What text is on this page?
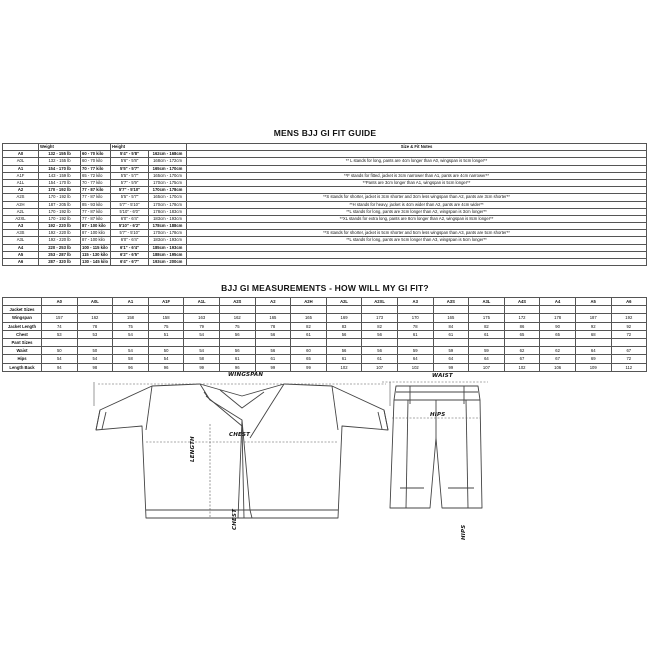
MENS BJJ GI FIT GUIDE
	Weight		Height		Size & Fit Notes
A0	132 - 155 lb	60 - 70 kilo	5'4" - 5'8"	162cm - 168cm	
A0L	132 - 155 lb	60 - 70 kilo	5'6" - 5'8"	168cm - 172cm	** L stands for long, pants are 4cm longer than A0, wingspan is 5cm longer**
A1	154 - 170 lb	70 - 77 kilo	5'5" - 5'7"	165cm - 170cm	
A1F	143 - 159 lb	65 - 72 kilo	5'5" - 5'7"	165cm - 170cm	**F stands for fitted, jacket is 3cm narrower than A1, pants are 4cm narrower**
A1L	154 - 170 lb	70 - 77 kilo	5'7" - 5'9"	170cm - 175cm	**Pants are 3cm longer than A1, wingspan is 5cm longer**
A2	170 - 192 lb	77 - 87 kilo	5'7" - 5'10"	170cm - 178cm	
A2S	170 - 192 lb	77 - 87 kilo	5'5" - 5'7"	165cm - 170cm	**S stands for shorter, jacket is 3cm shorter and 3cm less wingspan than A2, pants are 3cm shorter**
A2H	187 - 205 lb	85 - 93 kilo	5'7" - 5'10"	170cm - 178cm	**H stands for heavy, jacket is 4cm wider than A2, pants are 4cm wider**
A2L	170 - 192 lb	77 - 87 kilo	5'10" - 6'0"	178cm - 183cm	**L stands for long, pants are 3cm longer than A2, wingspan is 3cm longer**
A2XL	170 - 192 lb	77 - 87 kilo	6'0" - 6'4"	183cm - 193cm	**XL stands for extra long, pants are 8cm longer than A2, wingspan is 8cm longer**
A3	192 - 220 lb	87 - 100 kilo	5'10" - 6'2"	178cm - 188cm	
A3S	192 - 220 lb	87 - 100 kilo	5'7" - 5'10"	170cm - 178cm	**S stands for shorter, jacket is 5cm shorter and 5cm less wingspan than A3, pants are 5cm shorter**
A3L	192 - 220 lb	87 - 100 kilo	6'0" - 6'4"	183cm - 193cm	**L stands for long, pants are 5cm longer than A3, wingspan is 5cm longer**
A4	220 - 253 lb	100 - 115 kilo	6'1" - 6'4"	185cm - 193cm	
A5	253 - 287 lb	115 - 130 kilo	6'2" - 6'5"	188cm - 195cm	
A6	287 - 320 lb	130 - 145 kilo	6'4" - 6'7"	193cm - 200cm	
BJJ GI MEASUREMENTS - HOW WILL MY GI FIT?
	A0	A0L	A1	A1F	A1L	A2S	A2	A2H	A2L	A2XL	A3	A3S	A3L	A4S	A4	A5	A6
Jacket Sizes																	
Wingspan	157	162	158	158	163	162	165	165	169	173	170	165	175	172	178	187	192
Jacket Length	74	78	75	75	79	75	78	82	83	82	78	84	82	86	90	92	92
Chest	53	53	54	51	54	56	56	61	56	56	61	61	61	65	65	68	72
Pant Sizes																	
Waist	50	50	54	50	54	56	56	60	56	56	59	59	59	62	62	64	67
Hips	54	54	58	54	58	61	61	65	61	61	64	64	64	67	67	69	72
Length Back	94	98	96	96	99	96	99	99	102	107	102	99	107	102	106	109	112
WINGSPAN
CHEST
LENGTH
CHEST
WAIST
HIPS
HIPS
